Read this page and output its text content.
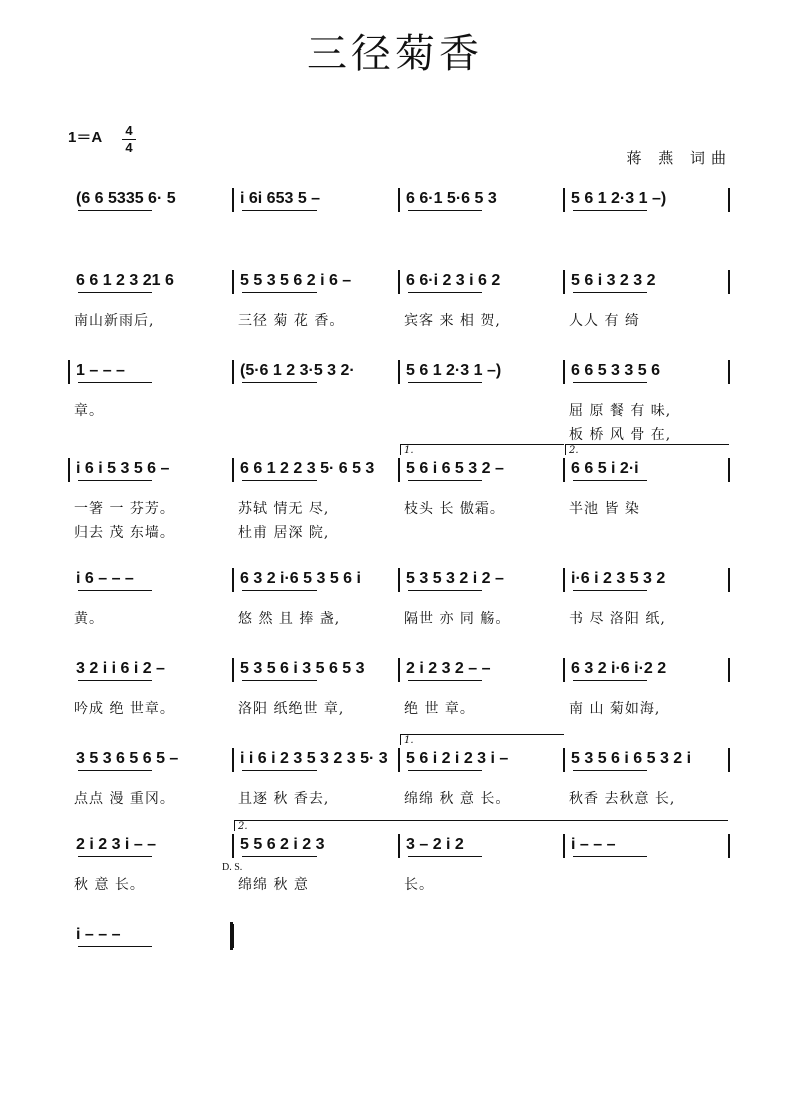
三径菊香
1＝A 4
4
蒋 燕 词曲
(6 6 5335 6· 5	i 6i 653 5 –	6 6·1 5·6 5 3	5 6 1 2·3 1 –)
6 6 1 2 3 21 6	5 5 3 5 6 2 i 6 –	6 6·i 2 3 i 6 2	5 6 i 3 2 3 2
南山新雨后,	三径 菊 花 香。	宾客 来 相 贺,	人人 有 绮
1 – – –	(5·6 1 2 3·5 3 2·	5 6 1 2·3 1 –)	6 6 5 3 3 5 6
章。	屈 原 餐 有 味,
板 桥 风 骨 在,
i 6 i 5 3 5 6 –	6 6 1 2 2 3 5· 6 5 3	5 6 i 6 5 3 2 –	6 6 5 i 2·i
一箸 一 芬芳。	苏轼 情无 尽,	枝头 长 傲霜。	半池 皆 染
归去 茂 东墙。	杜甫 居深 院,
1.	2.
i 6 – – –	6 3 2 i·6 5 3 5 6 i	5 3 5 3 2 i 2 –	i·6 i 2 3 5 3 2
黄。	悠 然 且 捧 盏,	隔世 亦 同 觞。	书 尽 洛阳 纸,
3 2 i i 6 i 2 –	5 3 5 6 i 3 5 6 5 3	2 i 2 3 2 – –	6 3 2 i·6 i·2 2
吟成 绝 世章。	洛阳 纸绝世 章,	绝 世 章。	南 山 菊如海,
3 5 3 6 5 6 5 –	i i 6 i 2 3 5 3 2 3 5· 3	5 6 i 2 i 2 3 i –	5 3 5 6 i 6 5 3 2 i
点点 漫 重冈。	且逐 秋 香去,	绵绵 秋 意 长。	秋香 去秋意 长,
1.
2 i 2 3 i – –	5 5 6 2 i 2 3	3 – 2 i 2	i – – –
秋 意 长。	绵绵 秋 意	长。
2.
D. S.
i – – –
